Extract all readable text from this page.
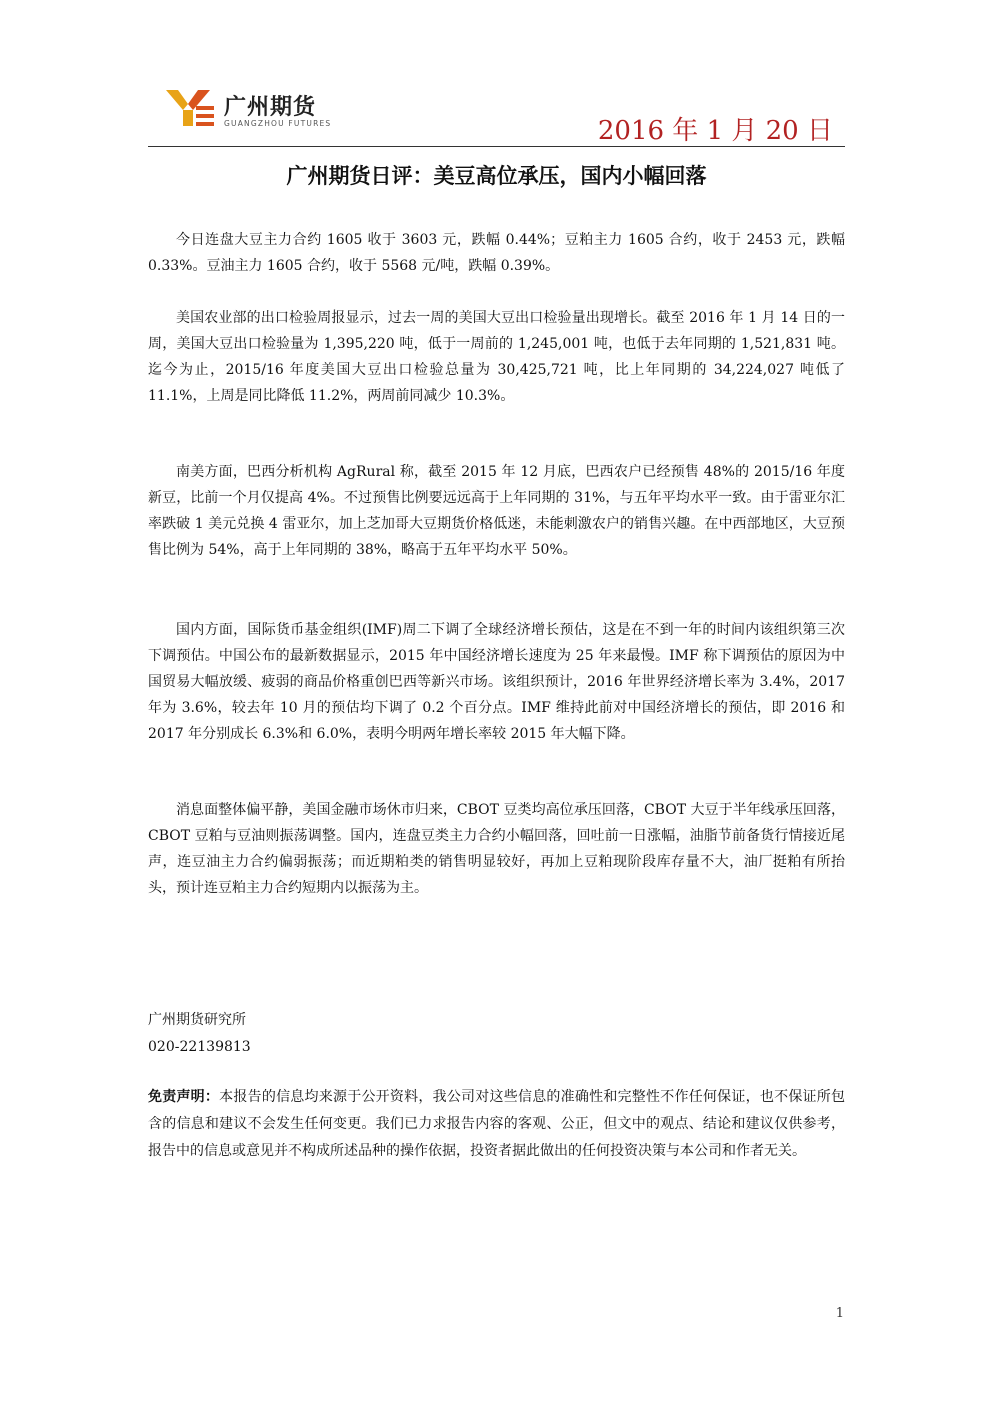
广州期货
GUANGZHOU FUTURES	2016 年 1 月 20 日
广州期货日评：美豆高位承压，国内小幅回落

今日连盘大豆主力合约 1605 收于 3603 元，跌幅 0.44%；豆粕主力 1605 合约，收于 2453 元，跌幅 0.33%。豆油主力 1605 合约，收于 5568 元/吨，跌幅 0.39%。

美国农业部的出口检验周报显示，过去一周的美国大豆出口检验量出现增长。截至 2016 年 1 月 14 日的一周，美国大豆出口检验量为 1,395,220 吨，低于一周前的 1,245,001 吨，也低于去年同期的 1,521,831 吨。迄今为止，2015/16 年度美国大豆出口检验总量为 30,425,721 吨，比上年同期的 34,224,027 吨低了 11.1%，上周是同比降低 11.2%，两周前同减少 10.3%。

南美方面，巴西分析机构 AgRural 称，截至 2015 年 12 月底，巴西农户已经预售 48%的 2015/16 年度新豆，比前一个月仅提高 4%。不过预售比例要远远高于上年同期的 31%，与五年平均水平一致。由于雷亚尔汇率跌破 1 美元兑换 4 雷亚尔，加上芝加哥大豆期货价格低迷，未能刺激农户的销售兴趣。在中西部地区，大豆预售比例为 54%，高于上年同期的 38%，略高于五年平均水平 50%。

国内方面，国际货币基金组织(IMF)周二下调了全球经济增长预估，这是在不到一年的时间内该组织第三次下调预估。中国公布的最新数据显示，2015 年中国经济增长速度为 25 年来最慢。IMF 称下调预估的原因为中国贸易大幅放缓、疲弱的商品价格重创巴西等新兴市场。该组织预计，2016 年世界经济增长率为 3.4%，2017 年为 3.6%，较去年 10 月的预估均下调了 0.2 个百分点。IMF 维持此前对中国经济增长的预估，即 2016 和 2017 年分别成长 6.3%和 6.0%，表明今明两年增长率较 2015 年大幅下降。

消息面整体偏平静，美国金融市场休市归来，CBOT 豆类均高位承压回落，CBOT 大豆于半年线承压回落，CBOT 豆粕与豆油则振荡调整。国内，连盘豆类主力合约小幅回落，回吐前一日涨幅，油脂节前备货行情接近尾声，连豆油主力合约偏弱振荡；而近期粕类的销售明显较好，再加上豆粕现阶段库存量不大，油厂挺粕有所抬头，预计连豆粕主力合约短期内以振荡为主。

广州期货研究所
020-22139813

免责声明：本报告的信息均来源于公开资料，我公司对这些信息的准确性和完整性不作任何保证，也不保证所包含的信息和建议不会发生任何变更。我们已力求报告内容的客观、公正，但文中的观点、结论和建议仅供参考，报告中的信息或意见并不构成所述品种的操作依据，投资者据此做出的任何投资决策与本公司和作者无关。

1
